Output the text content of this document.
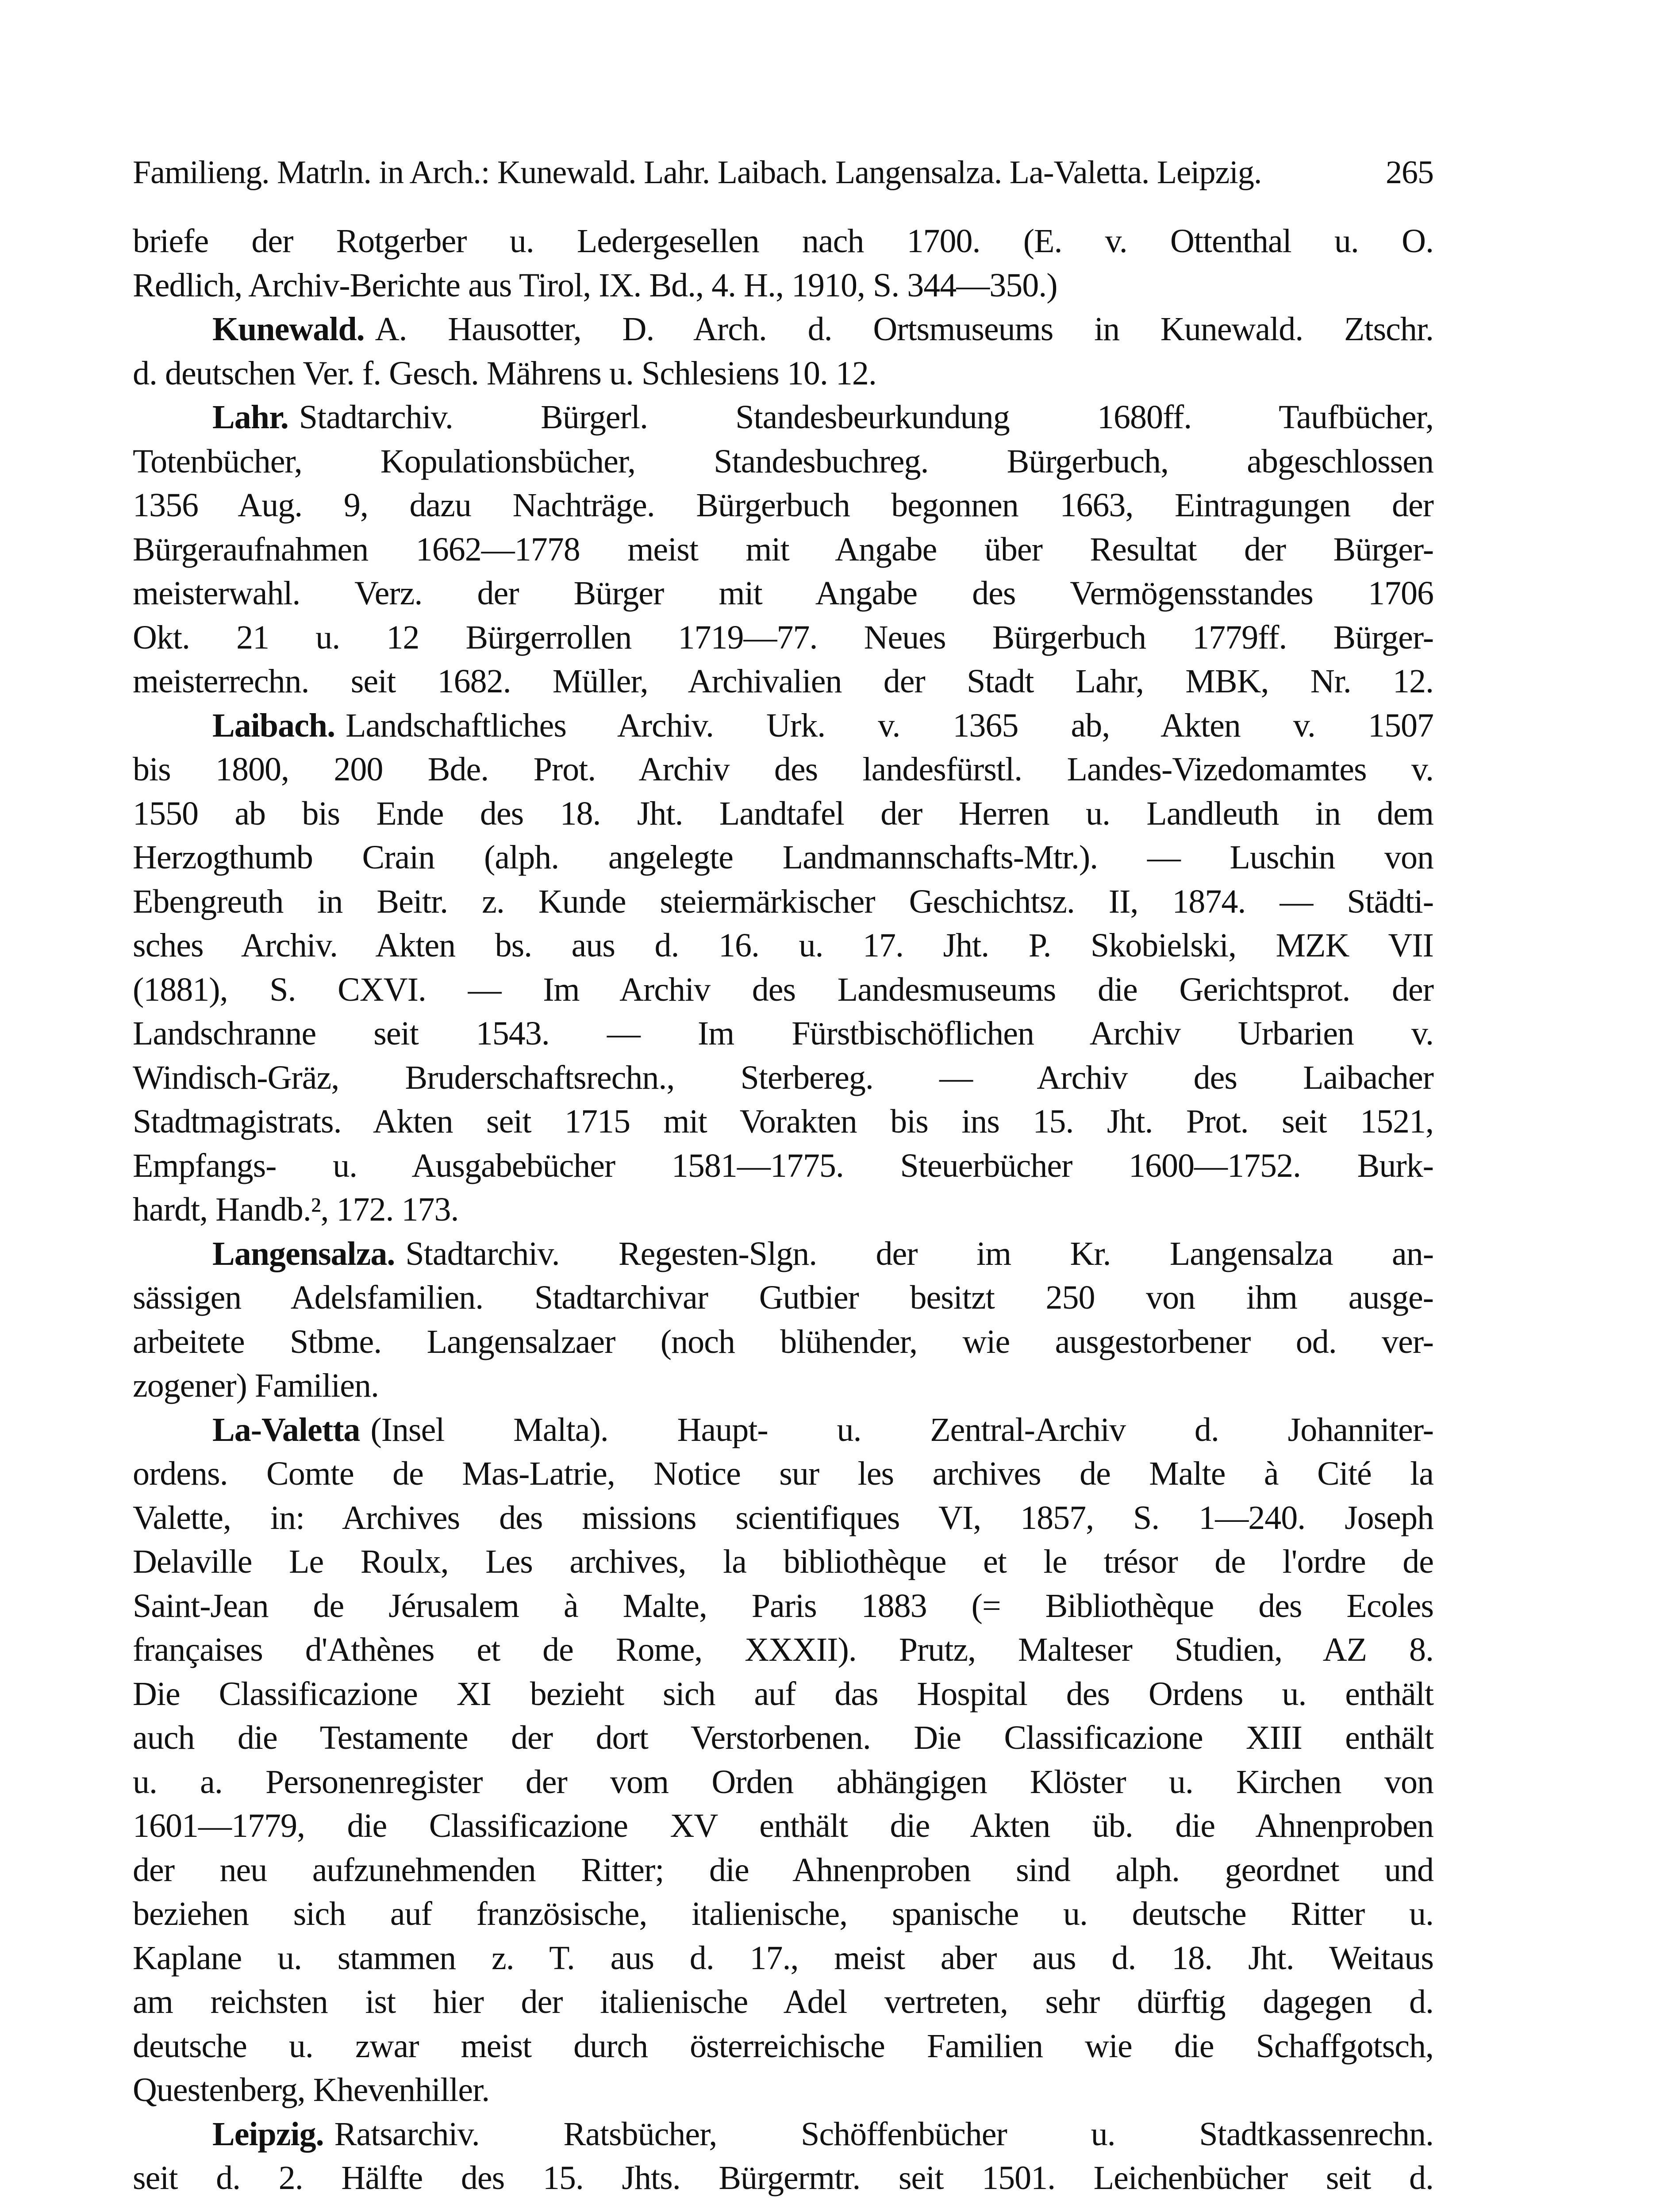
Familieng. Matrln. in Arch.: Kunewald. Lahr. Laibach. Langensalza. La-Valetta. Leipzig.	265
briefe der Rotgerber u. Ledergesellen nach 1700. (E. v. Ottenthal u. O.
Redlich, Archiv-Berichte aus Tirol, IX. Bd., 4. H., 1910, S. 344—350.)
Kunewald. A. Hausotter, D. Arch. d. Ortsmuseums in Kunewald. Ztschr.
d. deutschen Ver. f. Gesch. Mährens u. Schlesiens 10. 12.
Lahr. Stadtarchiv. Bürgerl. Standesbeurkundung 1680ff. Taufbücher,
Totenbücher, Kopulationsbücher, Standesbuchreg. Bürgerbuch, abgeschlossen
1356 Aug. 9, dazu Nachträge. Bürgerbuch begonnen 1663, Eintragungen der
Bürgeraufnahmen 1662—1778 meist mit Angabe über Resultat der Bürger-
meisterwahl. Verz. der Bürger mit Angabe des Vermögensstandes 1706
Okt. 21 u. 12 Bürgerrollen 1719—77. Neues Bürgerbuch 1779ff. Bürger-
meisterrechn. seit 1682. Müller, Archivalien der Stadt Lahr, MBK, Nr. 12.
Laibach. Landschaftliches Archiv. Urk. v. 1365 ab, Akten v. 1507
bis 1800, 200 Bde. Prot. Archiv des landesfürstl. Landes-Vizedomamtes v.
1550 ab bis Ende des 18. Jht. Landtafel der Herren u. Landleuth in dem
Herzogthumb Crain (alph. angelegte Landmannschafts-Mtr.). — Luschin von
Ebengreuth in Beitr. z. Kunde steiermärkischer Geschichtsz. II, 1874. — Städti-
sches Archiv. Akten bs. aus d. 16. u. 17. Jht. P. Skobielski, MZK VII
(1881), S. CXVI. — Im Archiv des Landesmuseums die Gerichtsprot. der
Landschranne seit 1543. — Im Fürstbischöflichen Archiv Urbarien v.
Windisch-Gräz, Bruderschaftsrechn., Sterbereg. — Archiv des Laibacher
Stadtmagistrats. Akten seit 1715 mit Vorakten bis ins 15. Jht. Prot. seit 1521,
Empfangs- u. Ausgabebücher 1581—1775. Steuerbücher 1600—1752. Burk-
hardt, Handb.², 172. 173.
Langensalza. Stadtarchiv. Regesten-Slgn. der im Kr. Langensalza an-
sässigen Adelsfamilien. Stadtarchivar Gutbier besitzt 250 von ihm ausge-
arbeitete Stbme. Langensalzaer (noch blühender, wie ausgestorbener od. ver-
zogener) Familien.
La-Valetta (Insel Malta). Haupt- u. Zentral-Archiv d. Johanniter-
ordens. Comte de Mas-Latrie, Notice sur les archives de Malte à Cité la
Valette, in: Archives des missions scientifiques VI, 1857, S. 1—240. Joseph
Delaville Le Roulx, Les archives, la bibliothèque et le trésor de l'ordre de
Saint-Jean de Jérusalem à Malte, Paris 1883 (= Bibliothèque des Ecoles
françaises d'Athènes et de Rome, XXXII). Prutz, Malteser Studien, AZ 8.
Die Classificazione XI bezieht sich auf das Hospital des Ordens u. enthält
auch die Testamente der dort Verstorbenen. Die Classificazione XIII enthält
u. a. Personenregister der vom Orden abhängigen Klöster u. Kirchen von
1601—1779, die Classificazione XV enthält die Akten üb. die Ahnenproben
der neu aufzunehmenden Ritter; die Ahnenproben sind alph. geordnet und
beziehen sich auf französische, italienische, spanische u. deutsche Ritter u.
Kaplane u. stammen z. T. aus d. 17., meist aber aus d. 18. Jht. Weitaus
am reichsten ist hier der italienische Adel vertreten, sehr dürftig dagegen d.
deutsche u. zwar meist durch österreichische Familien wie die Schaffgotsch,
Questenberg, Khevenhiller.
Leipzig. Ratsarchiv. Ratsbücher, Schöffenbücher u. Stadtkassenrechn.
seit d. 2. Hälfte des 15. Jhts. Bürgermtr. seit 1501. Leichenbücher seit d.
